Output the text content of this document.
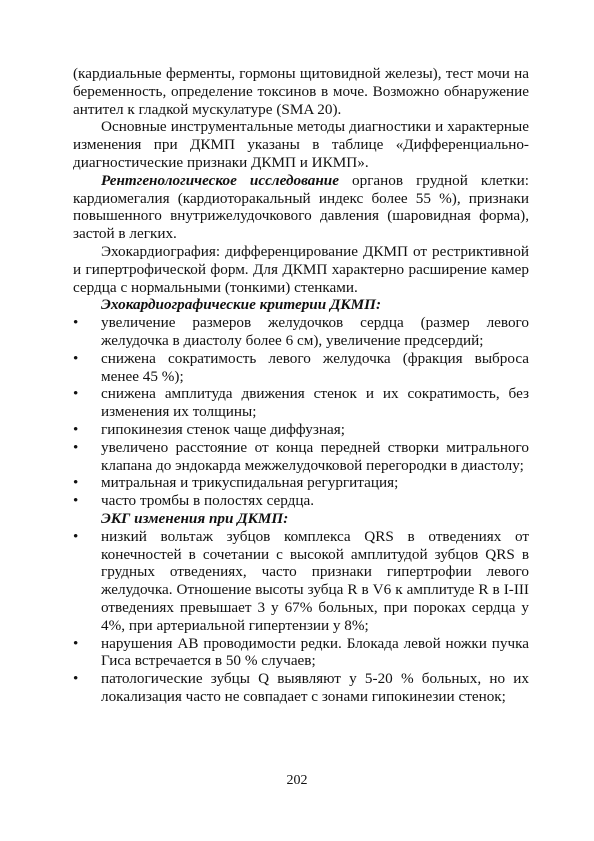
(кардиальные ферменты, гормоны щитовидной железы), тест мочи на беременность, определение токсинов в моче. Возможно обнаружение антител к гладкой мускулатуре (SMA 20).

Основные инструментальные методы диагностики и характерные изменения при ДКМП указаны в таблице «Дифференциально-диагностические признаки ДКМП и ИКМП».

Рентгенологическое исследование органов грудной клетки: кардиомегалия (кардиоторакальный индекс более 55 %), признаки повышенного внутрижелудочкового давления (шаровидная форма), застой в легких.

Эхокардиография: дифференцирование ДКМП от рестриктивной и гипертрофической форм. Для ДКМП характерно расширение камер сердца с нормальными (тонкими) стенками.

Эхокардиографические критерии ДКМП:

• увеличение размеров желудочков сердца (размер левого желудочка в диастолу более 6 см), увеличение предсердий;
• снижена сократимость левого желудочка (фракция выброса менее 45 %);
• снижена амплитуда движения стенок и их сократимость, без изменения их толщины;
• гипокинезия стенок чаще диффузная;
• увеличено расстояние от конца передней створки митрального клапана до эндокарда межжелудочковой перегородки в диастолу;
• митральная и трикуспидальная регургитация;
• часто тромбы в полостях сердца.

ЭКГ изменения при ДКМП:

• низкий вольтаж зубцов комплекса QRS в отведениях от конечностей в сочетании с высокой амплитудой зубцов QRS в грудных отведениях, часто признаки гипертрофии левого желудочка. Отношение высоты зубца R в V6 к амплитуде R в I-III отведениях превышает 3 у 67% больных, при пороках сердца у 4%, при артериальной гипертензии у 8%;
• нарушения АВ проводимости редки. Блокада левой ножки пучка Гиса встречается в 50 % случаев;
• патологические зубцы Q выявляют у 5-20 % больных, но их локализация часто не совпадает с зонами гипокинезии стенок;
202
